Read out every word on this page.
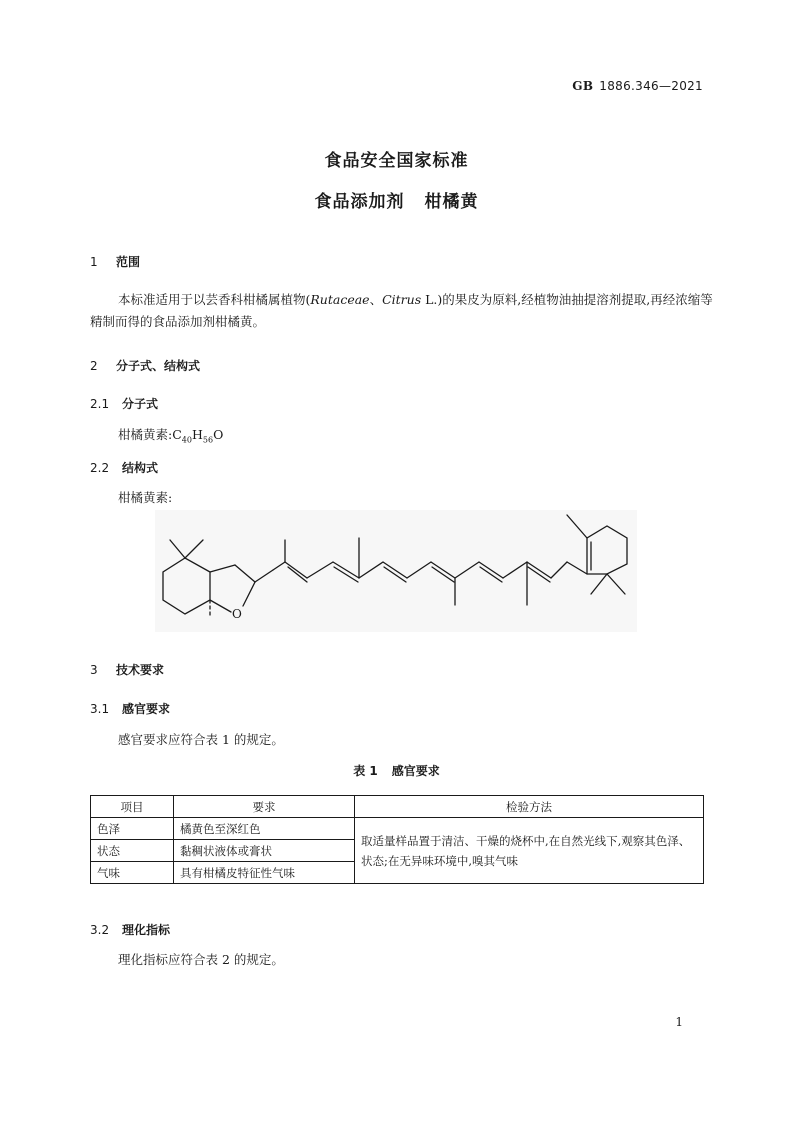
GB 1886.346—2021
食品安全国家标准
食品添加剂 柑橘黄
1 范围
本标准适用于以芸香科柑橘属植物(Rutaceae、Citrus L.)的果皮为原料,经植物油抽提溶剂提取,再经浓缩等精制而得的食品添加剂柑橘黄。
2 分子式、结构式
2.1 分子式
柑橘黄素$:C_{40}H_{56}O$
2.2 结构式
柑橘黄素:
O
3 技术要求
3.1 感官要求
感官要求应符合表 1 的规定。
表 1 感官要求
项目	要求	检验方法
色泽	橘黄色至深红色	取适量样品置于清洁、干燥的烧杯中,在自然光线下,观察其色泽、状态;在无异味环境中,嗅其气味
状态	黏稠状液体或膏状	
气味	具有柑橘皮特征性气味	
3.2 理化指标
理化指标应符合表 2 的规定。
1
